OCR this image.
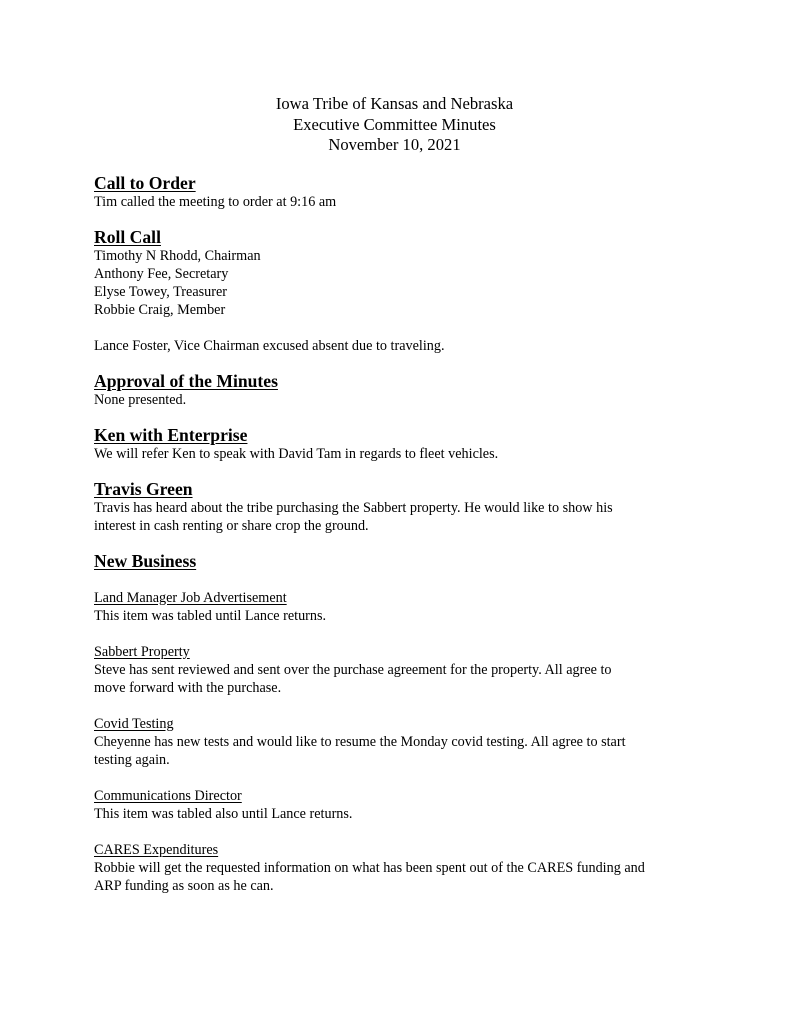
Iowa Tribe of Kansas and Nebraska
Executive Committee Minutes
November 10, 2021
Call to Order
Tim called the meeting to order at 9:16 am
Roll Call
Timothy N Rhodd, Chairman
Anthony Fee, Secretary
Elyse Towey, Treasurer
Robbie Craig, Member
Lance Foster, Vice Chairman excused absent due to traveling.
Approval of the Minutes
None presented.
Ken with Enterprise
We will refer Ken to speak with David Tam in regards to fleet vehicles.
Travis Green
Travis has heard about the tribe purchasing the Sabbert property. He would like to show his
interest in cash renting or share crop the ground.
New Business
Land Manager Job Advertisement
This item was tabled until Lance returns.
Sabbert Property
Steve has sent reviewed and sent over the purchase agreement for the property. All agree to
move forward with the purchase.
Covid Testing
Cheyenne has new tests and would like to resume the Monday covid testing. All agree to start
testing again.
Communications Director
This item was tabled also until Lance returns.
CARES Expenditures
Robbie will get the requested information on what has been spent out of the CARES funding and
ARP funding as soon as he can.
